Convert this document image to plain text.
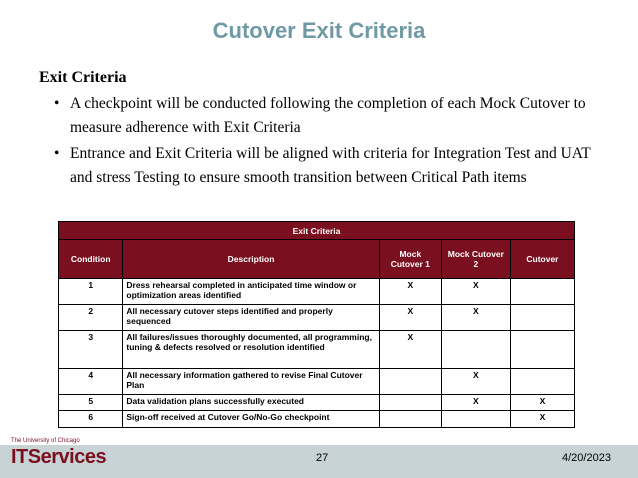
Cutover Exit Criteria
Exit Criteria
• A checkpoint will be conducted following the completion of each Mock Cutover to measure adherence with Exit Criteria
• Entrance and Exit Criteria will be aligned with criteria for Integration Test and UAT and stress Testing to ensure smooth transition between Critical Path items
Exit Criteria				
Condition	Description	Mock Cutover 1	Mock Cutover 2	Cutover
1	Dress rehearsal completed in anticipated time window or optimization areas identified	X	X	
2	All necessary cutover steps identified and properly sequenced	X	X	
3	All failures/issues thoroughly documented, all programming, tuning & defects resolved or resolution identified	X		
4	All necessary information gathered to revise Final Cutover Plan		X	
5	Data validation plans successfully executed		X	X
6	Sign-off received at Cutover Go/No-Go checkpoint			X
The University of Chicago
ITServices	27	4/20/2023
